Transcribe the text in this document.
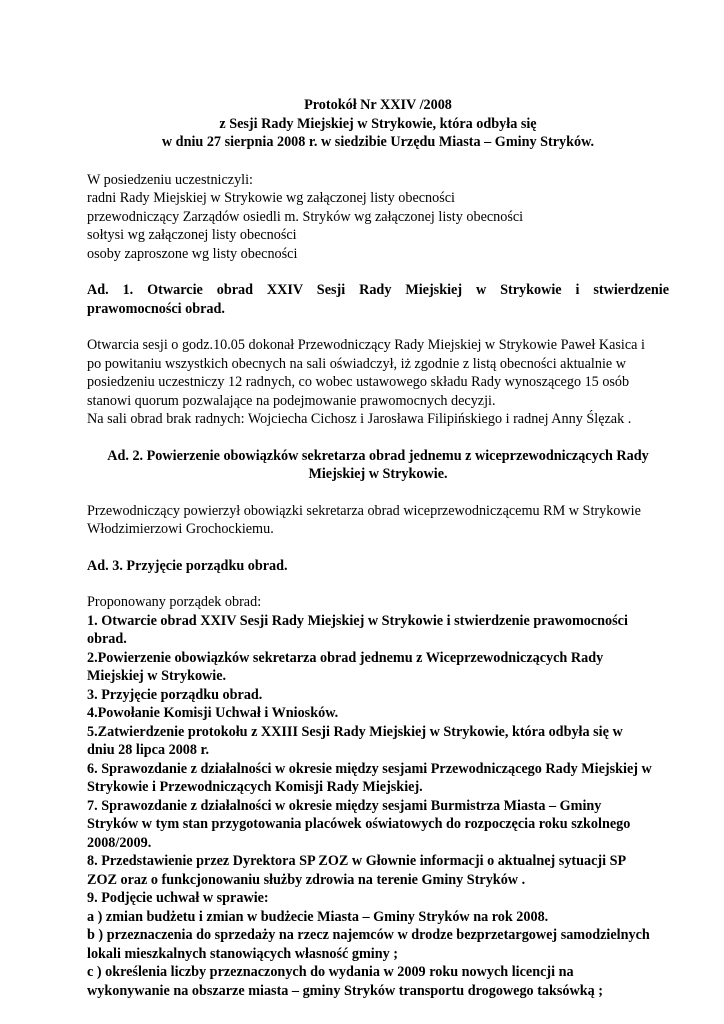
Protokół Nr XXIV /2008
z Sesji Rady Miejskiej w Strykowie, która odbyła się
w dniu 27 sierpnia 2008 r. w siedzibie Urzędu Miasta – Gminy Stryków.
W posiedzeniu uczestniczyli:
radni Rady Miejskiej w Strykowie wg załączonej listy obecności
przewodniczący Zarządów osiedli m. Stryków wg załączonej listy obecności
sołtysi wg załączonej listy obecności
osoby zaproszone wg listy obecności
Ad. 1. Otwarcie obrad XXIV Sesji Rady Miejskiej w Strykowie i stwierdzenie
prawomocności obrad.
Otwarcia sesji o godz.10.05 dokonał Przewodniczący Rady Miejskiej w Strykowie Paweł Kasica i
po powitaniu wszystkich obecnych na sali oświadczył, iż zgodnie z listą obecności aktualnie w
posiedzeniu uczestniczy 12 radnych, co wobec ustawowego składu Rady wynoszącego 15 osób
stanowi quorum pozwalające na podejmowanie prawomocnych decyzji.
Na sali obrad brak radnych: Wojciecha Cichosz i Jarosława Filipińskiego i radnej Anny Ślęzak .
Ad. 2. Powierzenie obowiązków sekretarza obrad jednemu z wiceprzewodniczących Rady
Miejskiej w Strykowie.
Przewodniczący powierzył obowiązki sekretarza obrad wiceprzewodniczącemu RM w Strykowie
Włodzimierzowi Grochockiemu.
Ad. 3. Przyjęcie porządku obrad.
Proponowany porządek obrad:
1. Otwarcie obrad XXIV Sesji Rady Miejskiej w Strykowie i stwierdzenie prawomocności
obrad.
2.Powierzenie obowiązków sekretarza obrad jednemu z Wiceprzewodniczących Rady
Miejskiej w Strykowie.
3. Przyjęcie porządku obrad.
4.Powołanie Komisji Uchwał i Wniosków.
5.Zatwierdzenie protokołu z XXIII Sesji Rady Miejskiej w Strykowie, która odbyła się w
dniu 28 lipca 2008 r.
6. Sprawozdanie z działalności w okresie między sesjami Przewodniczącego Rady Miejskiej w
Strykowie i Przewodniczących Komisji Rady Miejskiej.
7. Sprawozdanie z działalności w okresie między sesjami Burmistrza Miasta – Gminy
Stryków w tym stan przygotowania placówek oświatowych do rozpoczęcia roku szkolnego
2008/2009.
8. Przedstawienie przez Dyrektora SP ZOZ w Głownie informacji o aktualnej sytuacji SP
ZOZ oraz o funkcjonowaniu służby zdrowia na terenie Gminy Stryków .
9. Podjęcie uchwał w sprawie:
a ) zmian budżetu i zmian w budżecie Miasta – Gminy Stryków na rok 2008.
b ) przeznaczenia do sprzedaży na rzecz najemców w drodze bezprzetargowej samodzielnych
lokali mieszkalnych stanowiących własność gminy ;
c ) określenia liczby przeznaczonych do wydania w 2009 roku nowych licencji na
wykonywanie na obszarze miasta – gminy Stryków transportu drogowego taksówką ;
